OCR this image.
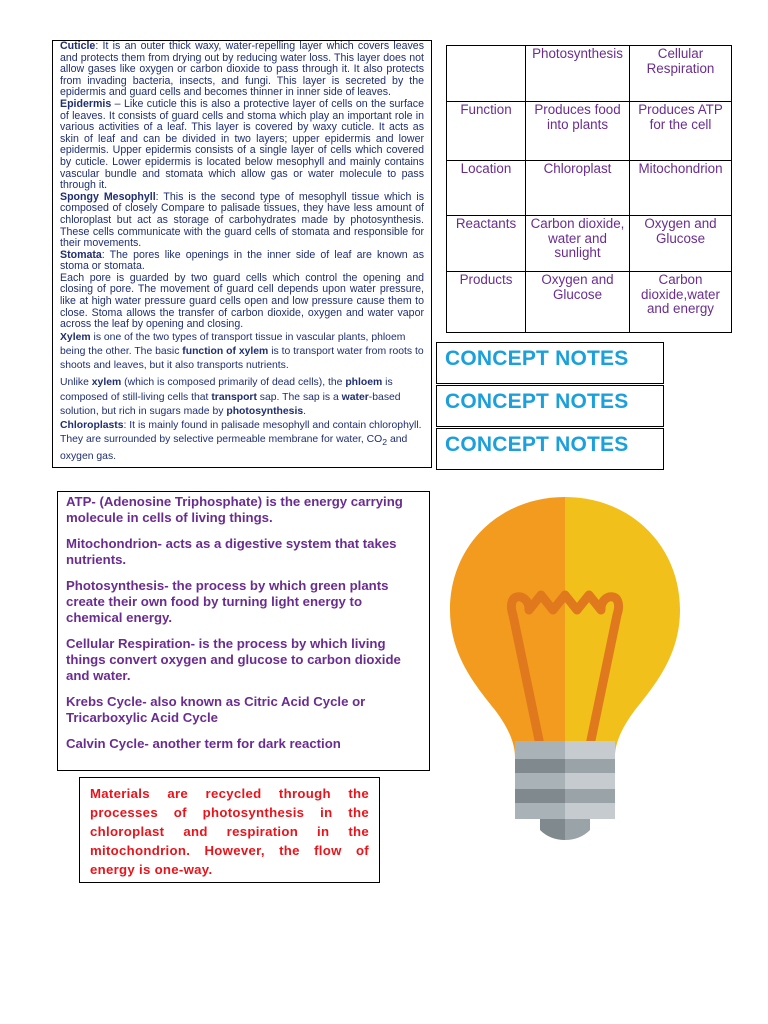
Cuticle: It is an outer thick waxy, water-repelling layer which covers leaves and protects them from drying out by reducing water loss. This layer does not allow gases like oxygen or carbon dioxide to pass through it. It also protects from invading bacteria, insects, and fungi. This layer is secreted by the epidermis and guard cells and becomes thinner in inner side of leaves.

Epidermis – Like cuticle this is also a protective layer of cells on the surface of leaves. It consists of guard cells and stoma which play an important role in various activities of a leaf. This layer is covered by waxy cuticle. It acts as skin of leaf and can be divided in two layers; upper epidermis and lower epidermis. Upper epidermis consists of a single layer of cells which covered by cuticle. Lower epidermis is located below mesophyll and mainly contains vascular bundle and stomata which allow gas or water molecule to pass through it.

Spongy Mesophyll: This is the second type of mesophyll tissue which is composed of closely Compare to palisade tissues, they have less amount of chloroplast but act as storage of carbohydrates made by photosynthesis. These cells communicate with the guard cells of stomata and responsible for their movements.

Stomata: The pores like openings in the inner side of leaf are known as stoma or stomata.

Each pore is guarded by two guard cells which control the opening and closing of pore. The movement of guard cell depends upon water pressure, like at high water pressure guard cells open and low pressure cause them to close. Stoma allows the transfer of carbon dioxide, oxygen and water vapor across the leaf by opening and closing.

Xylem is one of the two types of transport tissue in vascular plants, phloem being the other. The basic function of xylem is to transport water from roots to shoots and leaves, but it also transports nutrients.

Unlike xylem (which is composed primarily of dead cells), the phloem is composed of still-living cells that transport sap. The sap is a water-based solution, but rich in sugars made by photosynthesis.

Chloroplasts: It is mainly found in palisade mesophyll and contain chlorophyll. They are surrounded by selective permeable membrane for water, $CO_2$ and oxygen gas.

	Photosynthesis	Cellular Respiration
Function	Produces food into plants	Produces ATP for the cell
Location	Chloroplast	Mitochondrion
Reactants	Carbon dioxide, water and sunlight	Oxygen and Glucose
Products	Oxygen and Glucose	Carbon dioxide,water and energy
CONCEPT NOTES
CONCEPT NOTES
CONCEPT NOTES

ATP- (Adenosine Triphosphate) is the energy carrying molecule in cells of living things.

Mitochondrion- acts as a digestive system that takes nutrients.

Photosynthesis- the process by which green plants create their own food by turning light energy to chemical energy.

Cellular Respiration- is the process by which living things convert oxygen and glucose to carbon dioxide and water.

Krebs Cycle- also known as Citric Acid Cycle or Tricarboxylic Acid Cycle

Calvin Cycle- another term for dark reaction

Materials are recycled through the processes of photosynthesis in the chloroplast and respiration in the mitochondrion. However, the flow of energy is one-way.
